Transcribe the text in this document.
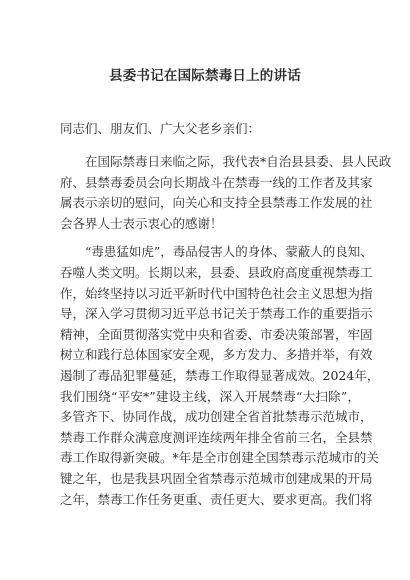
县委书记在国际禁毒日上的讲话
同志们、朋友们、广大父老乡亲们：
在国际禁毒日来临之际，我代表*自治县县委、县人民政
府、县禁毒委员会向长期战斗在禁毒一线的工作者及其家
属表示亲切的慰问，向关心和支持全县禁毒工作发展的社
会各界人士表示衷心的感谢！
“毒患猛如虎”，毒品侵害人的身体、蒙蔽人的良知、
吞噬人类文明。长期以来，县委、县政府高度重视禁毒工
作，始终坚持以习近平新时代中国特色社会主义思想为指
导，深入学习贯彻习近平总书记关于禁毒工作的重要指示
精神，全面贯彻落实党中央和省委、市委决策部署，牢固
树立和践行总体国家安全观，多方发力、多措并举，有效
遏制了毒品犯罪蔓延，禁毒工作取得显著成效。2024年，
我们围绕“平安*”建设主线，深入开展禁毒“大扫除”，
多管齐下、协同作战，成功创建全省首批禁毒示范城市，
禁毒工作群众满意度测评连续两年排全省前三名，全县禁
毒工作取得新突破。*年是全市创建全国禁毒示范城市的关
键之年，也是我县巩固全省禁毒示范城市创建成果的开局
之年，禁毒工作任务更重、责任更大、要求更高。我们将
